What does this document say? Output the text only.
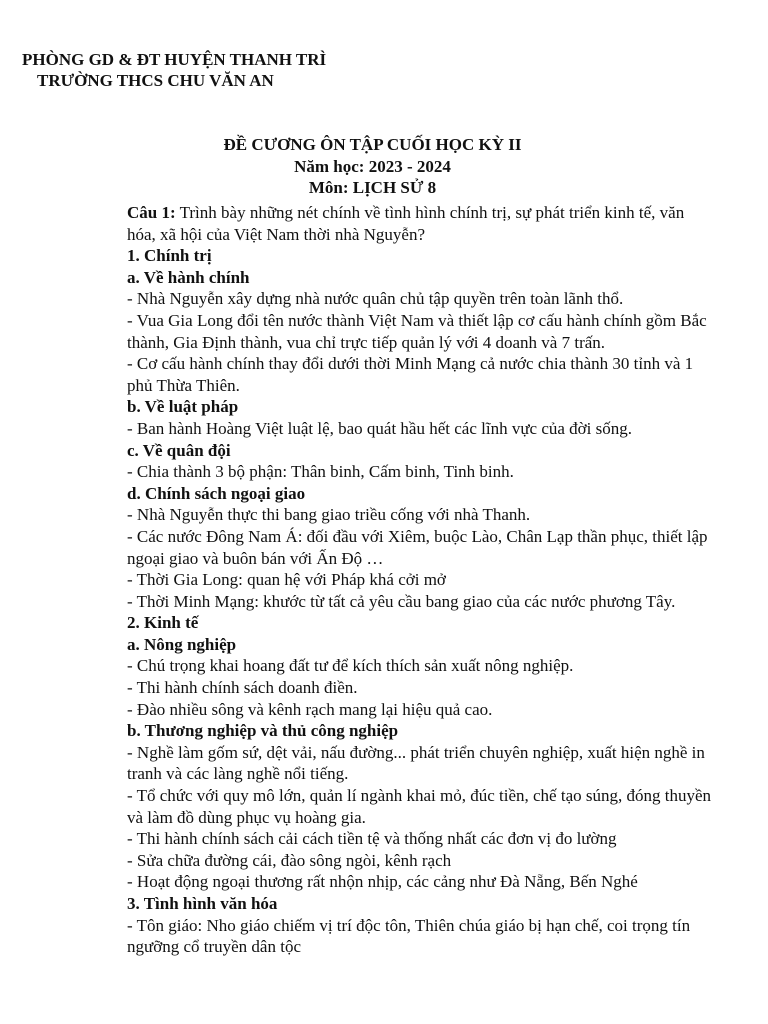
PHÒNG GD & ĐT HUYỆN THANH TRÌ
TRƯỜNG THCS CHU VĂN AN
ĐỀ CƯƠNG ÔN TẬP CUỐI HỌC KỲ II
Năm học: 2023 - 2024
Môn: LỊCH SỬ 8

Câu 1: Trình bày những nét chính về tình hình chính trị, sự phát triển kinh tế, văn hóa, xã hội của Việt Nam thời nhà Nguyễn?

1. Chính trị

a. Về hành chính

- Nhà Nguyễn xây dựng nhà nước quân chủ tập quyền trên toàn lãnh thổ.

- Vua Gia Long đổi tên nước thành Việt Nam và thiết lập cơ cấu hành chính gồm Bắc thành, Gia Định thành, vua chỉ trực tiếp quản lý với 4 doanh và 7 trấn.

- Cơ cấu hành chính thay đổi dưới thời Minh Mạng cả nước chia thành 30 tỉnh và 1 phủ Thừa Thiên.

b. Về luật pháp

- Ban hành Hoàng Việt luật lệ, bao quát hầu hết các lĩnh vực của đời sống.

c. Về quân đội

- Chia thành 3 bộ phận: Thân binh, Cấm binh, Tinh binh.

d. Chính sách ngoại giao

- Nhà Nguyễn thực thi bang giao triều cống với nhà Thanh.

- Các nước Đông Nam Á: đối đầu với Xiêm, buộc Lào, Chân Lạp thần phục, thiết lập ngoại giao và buôn bán với Ấn Độ …

- Thời Gia Long: quan hệ với Pháp khá cởi mở

- Thời Minh Mạng: khước từ tất cả yêu cầu bang giao của các nước phương Tây.

2. Kinh tế

a. Nông nghiệp

- Chú trọng khai hoang đất tư để kích thích sản xuất nông nghiệp.

- Thi hành chính sách doanh điền.

- Đào nhiều sông và kênh rạch mang lại hiệu quả cao.

b. Thương nghiệp và thủ công nghiệp

- Nghề làm gốm sứ, dệt vải, nấu đường... phát triển chuyên nghiệp, xuất hiện nghề in tranh và các làng nghề nổi tiếng.

- Tổ chức với quy mô lớn, quản lí ngành khai mỏ, đúc tiền, chế tạo súng, đóng thuyền và làm đồ dùng phục vụ hoàng gia.

- Thi hành chính sách cải cách tiền tệ và thống nhất các đơn vị đo lường

- Sửa chữa đường cái, đào sông ngòi, kênh rạch

- Hoạt động ngoại thương rất nhộn nhịp, các cảng như Đà Nẵng, Bến Nghé

3. Tình hình văn hóa

- Tôn giáo: Nho giáo chiếm vị trí độc tôn, Thiên chúa giáo bị hạn chế, coi trọng tín ngưỡng cổ truyền dân tộc
